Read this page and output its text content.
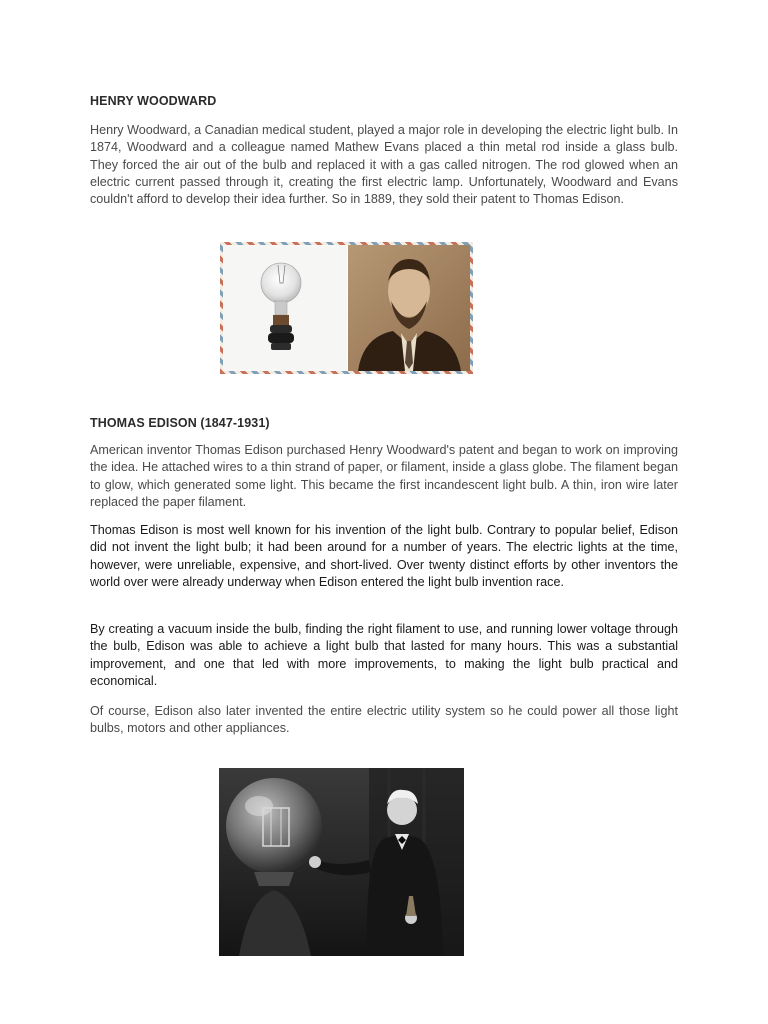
HENRY WOODWARD

Henry Woodward, a Canadian medical student, played a major role in developing the electric light bulb. In 1874, Woodward and a colleague named Mathew Evans placed a thin metal rod inside a glass bulb. They forced the air out of the bulb and replaced it with a gas called nitrogen. The rod glowed when an electric current passed through it, creating the first electric lamp. Unfortunately, Woodward and Evans couldn't afford to develop their idea further. So in 1889, they sold their patent to Thomas Edison.

THOMAS EDISON (1847-1931)

American inventor Thomas Edison purchased Henry Woodward's patent and began to work on improving the idea. He attached wires to a thin strand of paper, or filament, inside a glass globe. The filament began to glow, which generated some light. This became the first incandescent light bulb. A thin, iron wire later replaced the paper filament.

Thomas Edison is most well known for his invention of the light bulb. Contrary to popular belief, Edison did not invent the light bulb; it had been around for a number of years. The electric lights at the time, however, were unreliable, expensive, and short-lived. Over twenty distinct efforts by other inventors the world over were already underway when Edison entered the light bulb invention race.

By creating a vacuum inside the bulb, finding the right filament to use, and running lower voltage through the bulb, Edison was able to achieve a light bulb that lasted for many hours. This was a substantial improvement, and one that led with more improvements, to making the light bulb practical and economical.

Of course, Edison also later invented the entire electric utility system so he could power all those light bulbs, motors and other appliances.
